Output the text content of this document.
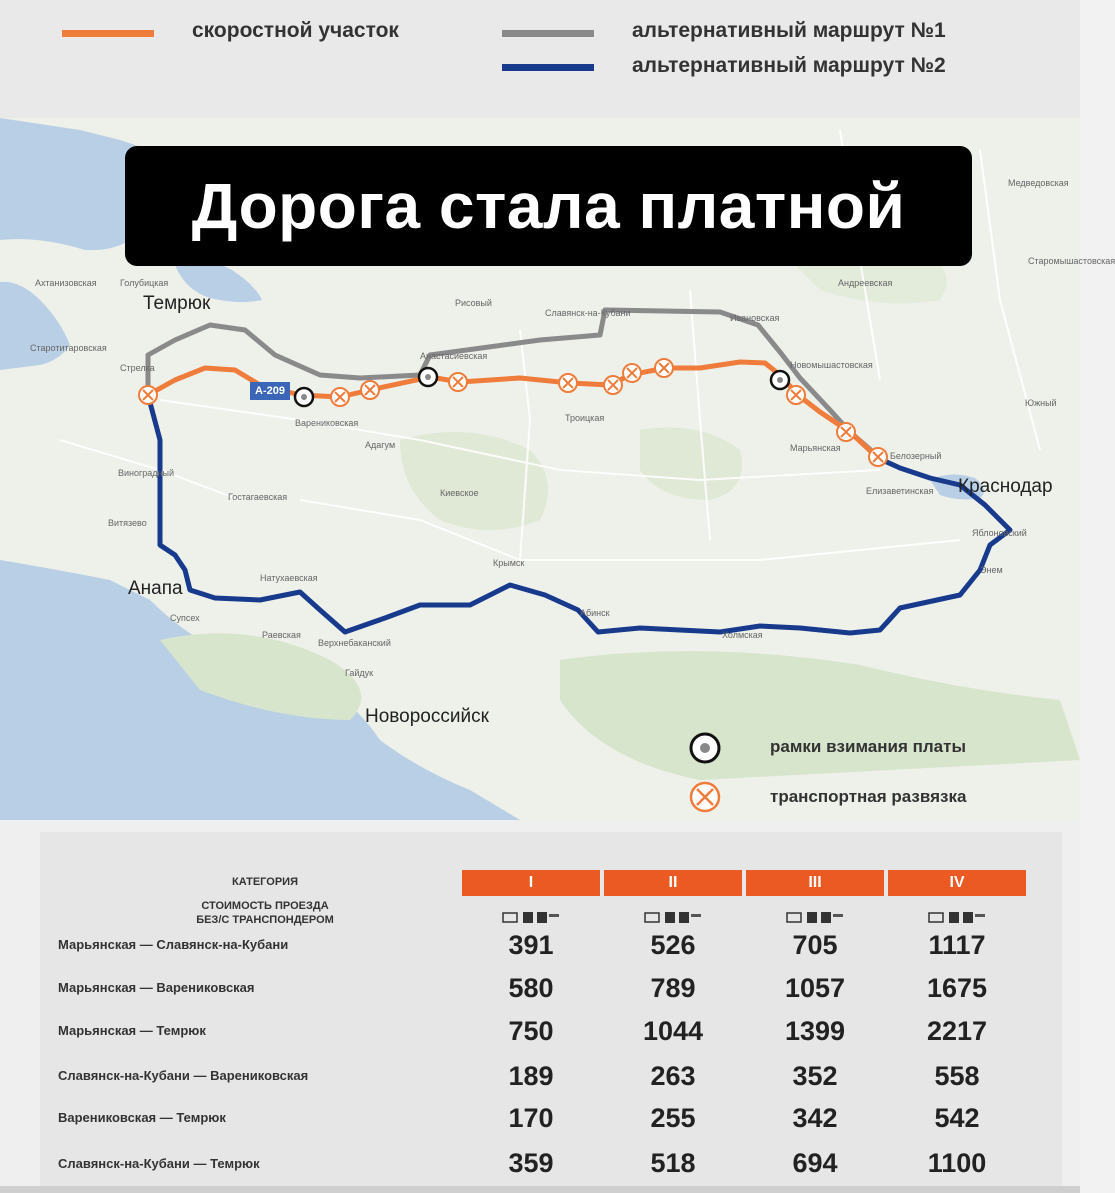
скоростной участок	альтернативный маршрут №1
альтернативный маршрут №2
А-209
Темрюк
Анапа
Краснодар
Новороссийск
Славянск-на-Кубани
Анастасиевская
Ивановская
Новомышастовская
Марьянская
Белозерный
Елизаветинская
Варениковская
Стрелка
Старотитаровская
Виноградный
Витязево
Гостагаевская
Крымск
Абинск
Холмская
Верхнебаканский
Гайдук
Натухаевская
Раевская
Супсех
Яблоновский
Энем
Троицкая
Медведовская
Старомышастовская
Южный
Голубицкая
Ахтанизовская
Адагум
Киевское
Андреевская
Рисовый
рамки взимания платы
транспортная развязка
Дорога стала платной
КАТЕГОРИЯ
СТОИМОСТЬ ПРОЕЗДА
БЕЗ/С ТРАНСПОНДЕРОМ
I	II	III	IV
Марьянская — Славянск-на-Кубани	391	526	705	1117
Марьянская — Варениковская	580	789	1057	1675
Марьянская — Темрюк	750	1044	1399	2217
Славянск-на-Кубани — Варениковская	189	263	352	558
Варениковская — Темрюк	170	255	342	542
Славянск-на-Кубани — Темрюк	359	518	694	1100
